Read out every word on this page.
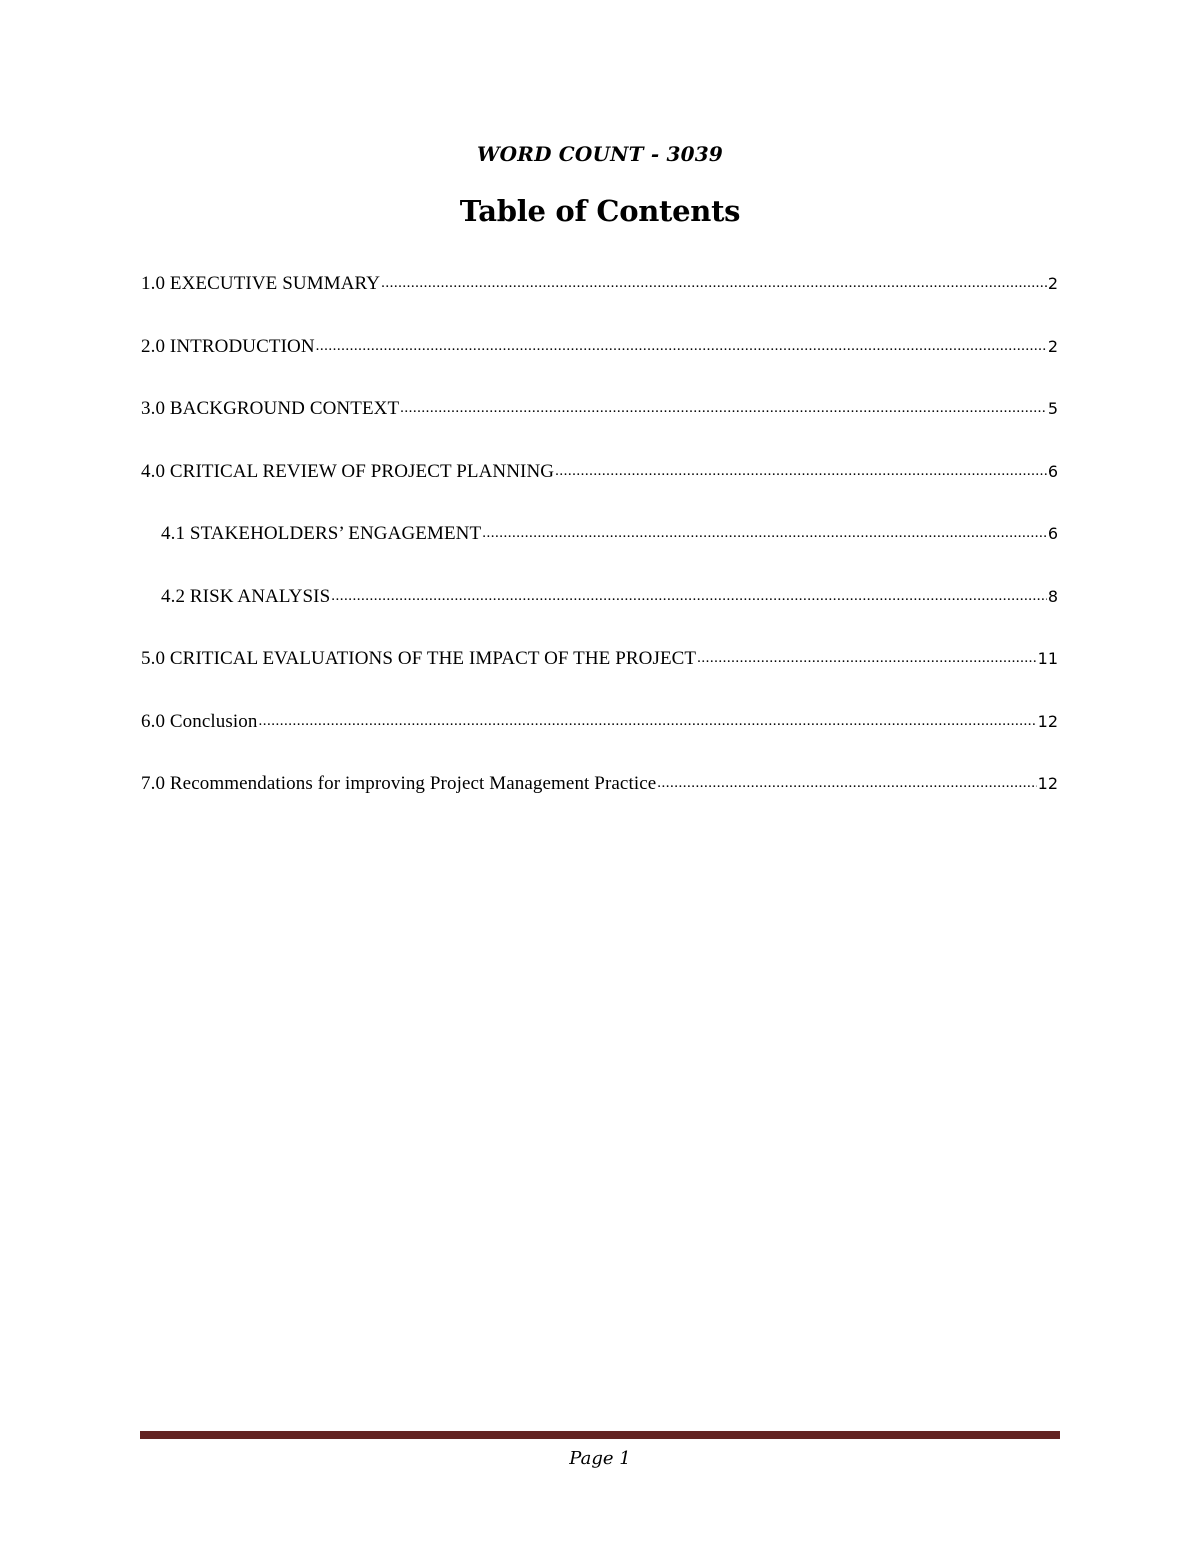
WORD COUNT - 3039
Table of Contents
1.0 EXECUTIVE SUMMARY .....	2
2.0 INTRODUCTION .....	2
3.0 BACKGROUND CONTEXT .....	5
4.0 CRITICAL REVIEW OF PROJECT PLANNING .....	6
4.1 STAKEHOLDERS’ ENGAGEMENT .....	6
4.2 RISK ANALYSIS .....	8
5.0 CRITICAL EVALUATIONS OF THE IMPACT OF THE PROJECT .....	11
6.0 Conclusion .....	12
7.0 Recommendations for improving Project Management Practice .....	12
Page 1
